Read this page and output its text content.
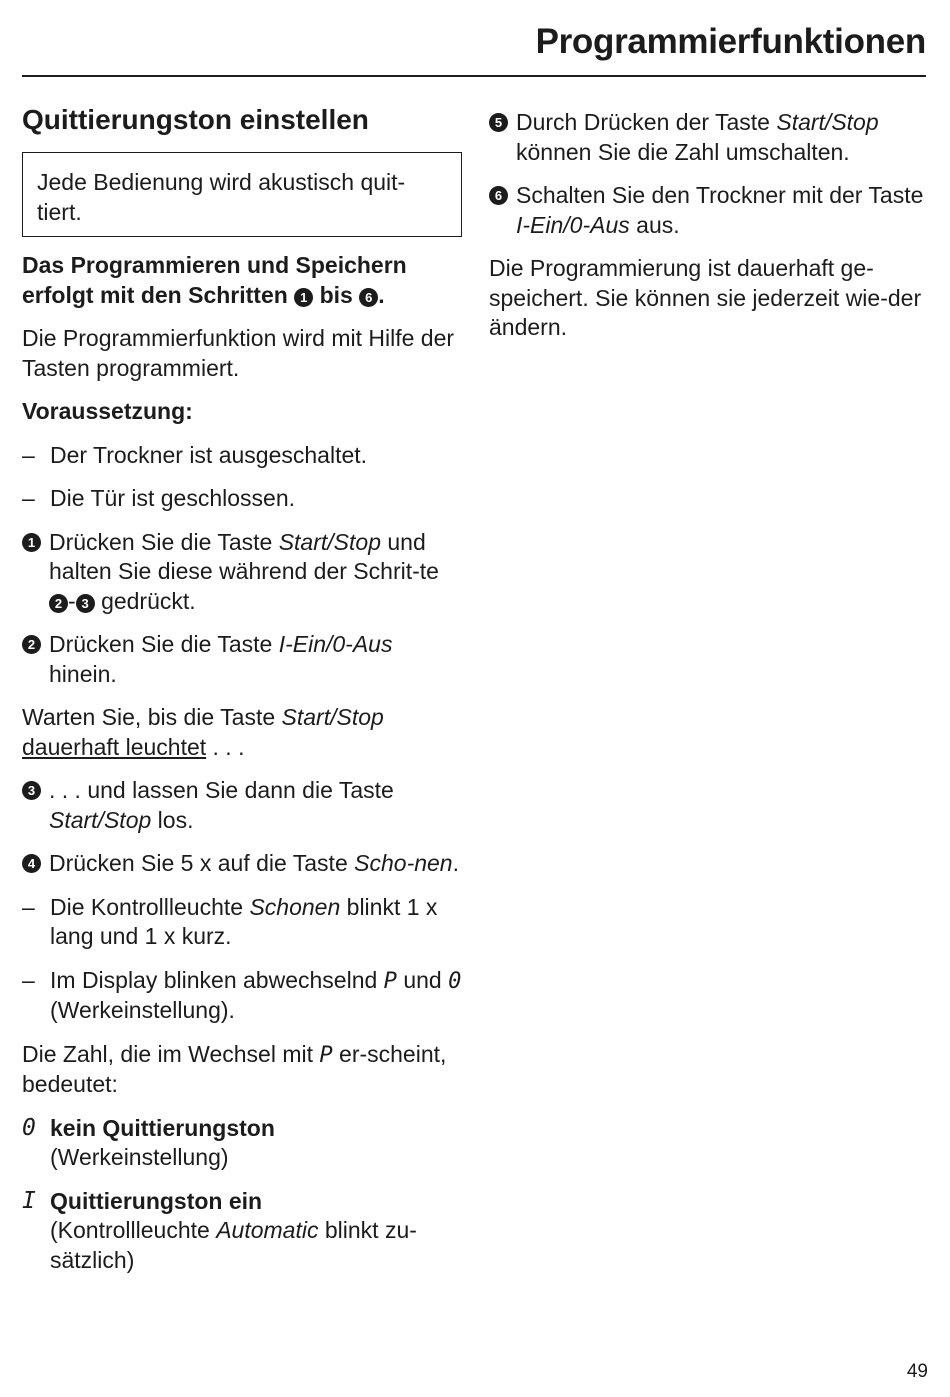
Programmierfunktionen
Quittierungston einstellen

Jede Bedienung wird akustisch quit-tiert.

Das Programmieren und Speichern erfolgt mit den Schritten 1 bis 6 .

Die Programmierfunktion wird mit Hilfe der Tasten programmiert.

Voraussetzung:

– Der Trockner ist ausgeschaltet.
– Die Tür ist geschlossen.
1 Drücken Sie die Taste Start/Stop und halten Sie diese während der Schrit-te 2 - 3 gedrückt.
2 Drücken Sie die Taste I-Ein/0-Aus hinein.

Warten Sie, bis die Taste Start/Stop dauerhaft leuchtet . . .

3 . . . und lassen Sie dann die Taste Start/Stop los.
4 Drücken Sie 5 x auf die Taste Scho-nen.
– Die Kontrollleuchte Schonen blinkt 1 x lang und 1 x kurz.
– Im Display blinken abwechselnd P und 0 (Werkeinstellung).

Die Zahl, die im Wechsel mit P er-scheint, bedeutet:

0 kein Quittierungston
(Werkeinstellung)
I Quittierungston ein
(Kontrollleuchte Automatic blinkt zu-sätzlich)
5 Durch Drücken der Taste Start/Stop können Sie die Zahl umschalten.
6 Schalten Sie den Trockner mit der Taste I-Ein/0-Aus aus.

Die Programmierung ist dauerhaft ge-speichert. Sie können sie jederzeit wie-der ändern.

49
